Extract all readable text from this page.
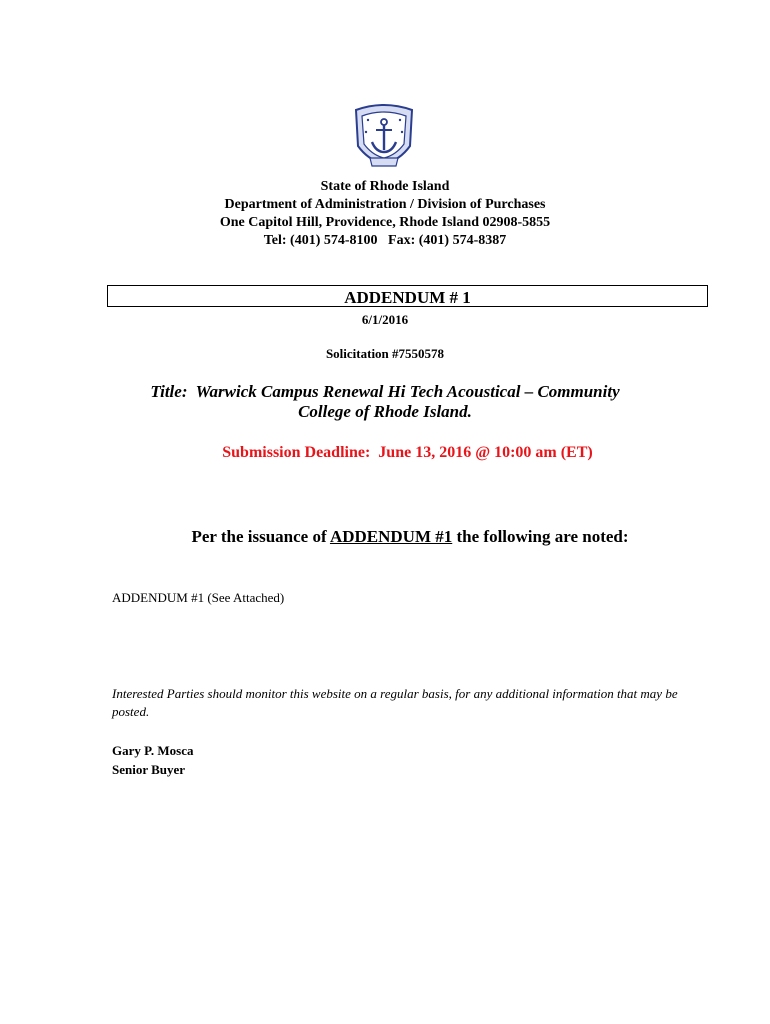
State of Rhode Island
Department of Administration / Division of Purchases
One Capitol Hill, Providence, Rhode Island 02908-5855
Tel: (401) 574-8100   Fax: (401) 574-8387
ADDENDUM # 1
6/1/2016
Solicitation #7550578
Title:  Warwick Campus Renewal Hi Tech Acoustical – Community
College of Rhode Island.
Submission Deadline:  June 13, 2016 @ 10:00 am (ET)
Per the issuance of ADDENDUM #1 the following are noted:
ADDENDUM #1 (See Attached)
Interested Parties should monitor this website on a regular basis, for any additional information that may be posted.
Gary P. Mosca
Senior Buyer
